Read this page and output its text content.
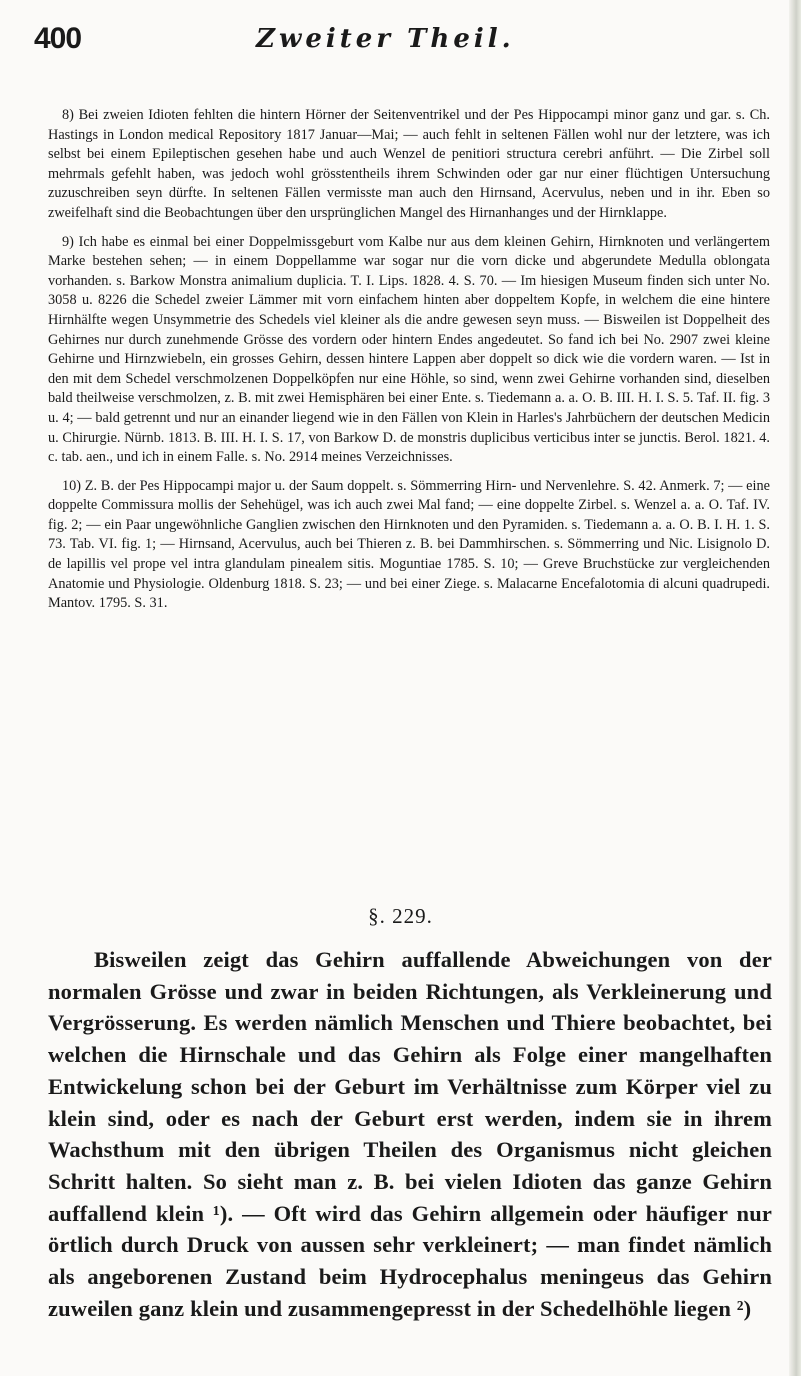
400	Zweiter Theil.

8) Bei zweien Idioten fehlten die hintern Hörner der Seitenventrikel und der Pes Hippocampi minor ganz und gar. s. Ch. Hastings in London medical Repository 1817 Januar—Mai; — auch fehlt in seltenen Fällen wohl nur der letztere, was ich selbst bei einem Epileptischen gesehen habe und auch Wenzel de penitiori structura cerebri anführt. — Die Zirbel soll mehrmals gefehlt haben, was jedoch wohl grösstentheils ihrem Schwinden oder gar nur einer flüchtigen Untersuchung zuzuschreiben seyn dürfte. In seltenen Fällen vermisste man auch den Hirnsand, Acervulus, neben und in ihr. Eben so zweifelhaft sind die Beobachtungen über den ursprünglichen Mangel des Hirnanhanges und der Hirnklappe.

9) Ich habe es einmal bei einer Doppelmissgeburt vom Kalbe nur aus dem kleinen Gehirn, Hirnknoten und verlängertem Marke bestehen sehen; — in einem Doppellamme war sogar nur die vorn dicke und abgerundete Medulla oblongata vorhanden. s. Barkow Monstra animalium duplicia. T. I. Lips. 1828. 4. S. 70. — Im hiesigen Museum finden sich unter No. 3058 u. 8226 die Schedel zweier Lämmer mit vorn einfachem hinten aber doppeltem Kopfe, in welchem die eine hintere Hirnhälfte wegen Unsymmetrie des Schedels viel kleiner als die andre gewesen seyn muss. — Bisweilen ist Doppelheit des Gehirnes nur durch zunehmende Grösse des vordern oder hintern Endes angedeutet. So fand ich bei No. 2907 zwei kleine Gehirne und Hirnzwiebeln, ein grosses Gehirn, dessen hintere Lappen aber doppelt so dick wie die vordern waren. — Ist in den mit dem Schedel verschmolzenen Doppelköpfen nur eine Höhle, so sind, wenn zwei Gehirne vorhanden sind, dieselben bald theilweise verschmolzen, z. B. mit zwei Hemisphären bei einer Ente. s. Tiedemann a. a. O. B. III. H. I. S. 5. Taf. II. fig. 3 u. 4; — bald getrennt und nur an einander liegend wie in den Fällen von Klein in Harles's Jahrbüchern der deutschen Medicin u. Chirurgie. Nürnb. 1813. B. III. H. I. S. 17, von Barkow D. de monstris duplicibus verticibus inter se junctis. Berol. 1821. 4. c. tab. aen., und ich in einem Falle. s. No. 2914 meines Verzeichnisses.

10) Z. B. der Pes Hippocampi major u. der Saum doppelt. s. Sömmerring Hirn- und Nervenlehre. S. 42. Anmerk. 7; — eine doppelte Commissura mollis der Sehehügel, was ich auch zwei Mal fand; — eine doppelte Zirbel. s. Wenzel a. a. O. Taf. IV. fig. 2; — ein Paar ungewöhnliche Ganglien zwischen den Hirnknoten und den Pyramiden. s. Tiedemann a. a. O. B. I. H. 1. S. 73. Tab. VI. fig. 1; — Hirnsand, Acervulus, auch bei Thieren z. B. bei Dammhirschen. s. Sömmerring und Nic. Lisignolo D. de lapillis vel prope vel intra glandulam pinealem sitis. Moguntiae 1785. S. 10; — Greve Bruchstücke zur vergleichenden Anatomie und Physiologie. Oldenburg 1818. S. 23; — und bei einer Ziege. s. Malacarne Encefalotomia di alcuni quadrupedi. Mantov. 1795. S. 31.

§. 229.

Bisweilen zeigt das Gehirn auffallende Abweichungen von der normalen Grösse und zwar in beiden Richtungen, als Verkleinerung und Vergrösserung. Es werden nämlich Menschen und Thiere beobachtet, bei welchen die Hirnschale und das Gehirn als Folge einer mangelhaften Entwickelung schon bei der Geburt im Verhältnisse zum Körper viel zu klein sind, oder es nach der Geburt erst werden, indem sie in ihrem Wachsthum mit den übrigen Theilen des Organismus nicht gleichen Schritt halten. So sieht man z. B. bei vielen Idioten das ganze Gehirn auffallend klein ¹). — Oft wird das Gehirn allgemein oder häufiger nur örtlich durch Druck von aussen sehr verkleinert; — man findet nämlich als angeborenen Zustand beim Hydrocephalus meningeus das Gehirn zuweilen ganz klein und zusammengepresst in der Schedelhöhle liegen ²)
